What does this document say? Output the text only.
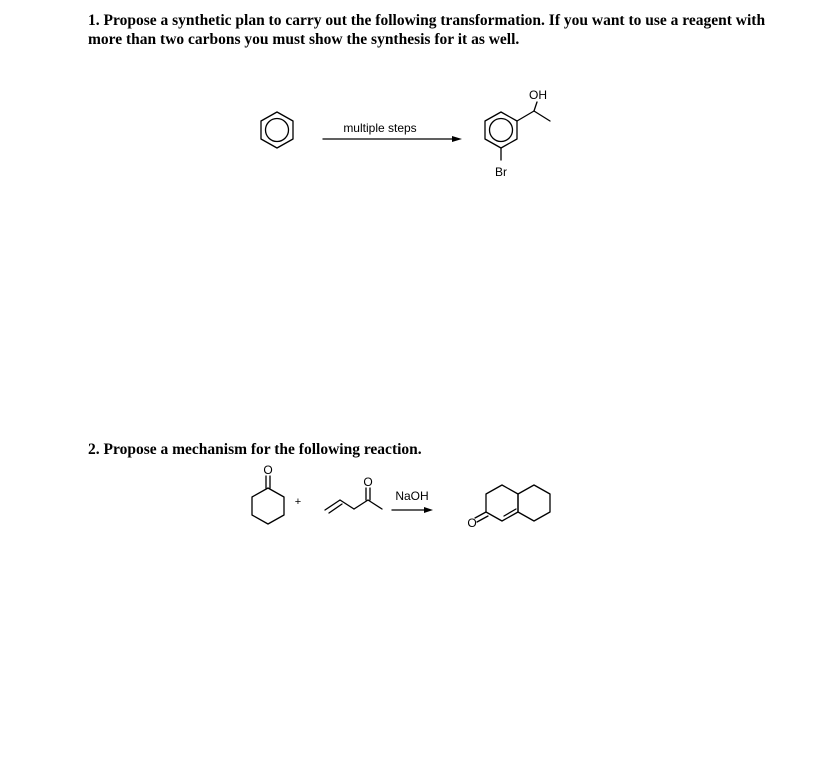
1. Propose a synthetic plan to carry out the following transformation. If you want to use a reagent with more than two carbons you must show the synthesis for it as well.

multiple steps
OH
Br

2. Propose a mechanism for the following reaction.

O
+
O
NaOH
O
